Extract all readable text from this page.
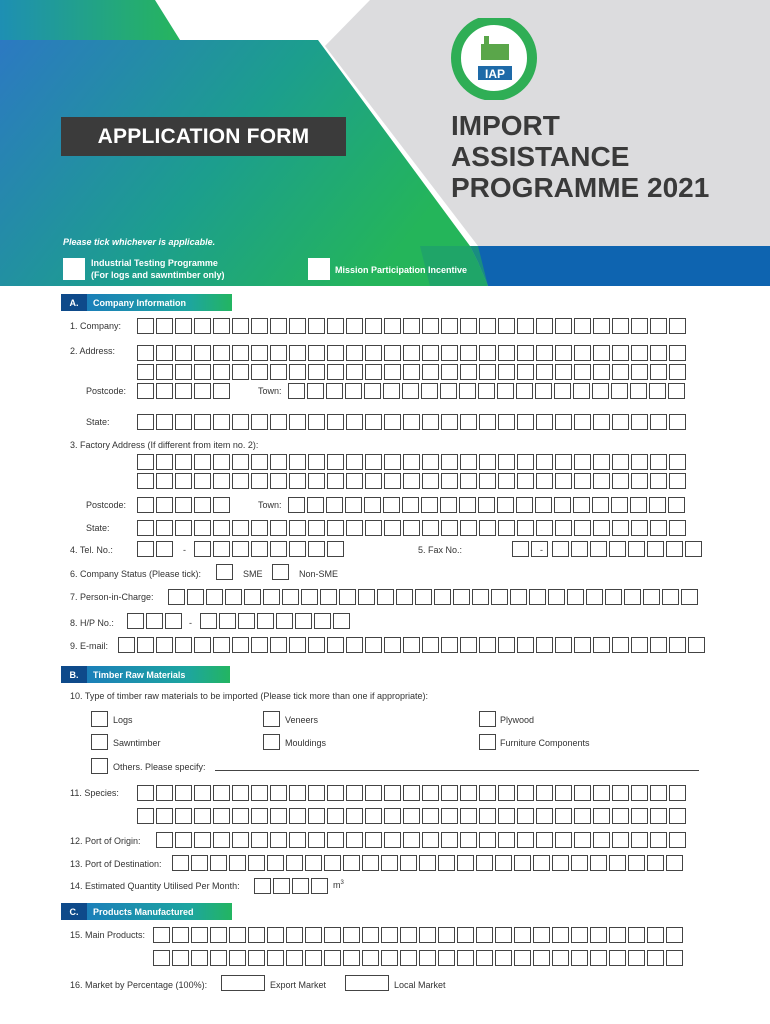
IAP
APPLICATION FORM	IMPORT
ASSISTANCE
PROGRAMME 2021
Please tick whichever is applicable.
Industrial Testing Programme
(For logs and sawntimber only)	Mission Participation Incentive
A.	Company Information
1. Company:
2. Address:
Postcode:	Town:
State:
3. Factory Address (If different from item no. 2):
Postcode:	Town:
State:
4. Tel. No.:	-	5. Fax No.:	-
6. Company Status (Please tick):	SME	Non-SME
7. Person-in-Charge:
8. H/P No.:	-
9. E-mail:
B.	Timber Raw Materials
10. Type of timber raw materials to be imported (Please tick more than one if appropriate):
Logs	Veneers	Plywood
Sawntimber	Mouldings	Furniture Components
Others. Please specify:
11. Species:
12. Port of Origin:
13. Port of Destination:
14. Estimated Quantity Utilised Per Month:	$m^3$
C.	Products Manufactured
15. Main Products:
16. Market by Percentage (100%):	Export Market	Local Market
